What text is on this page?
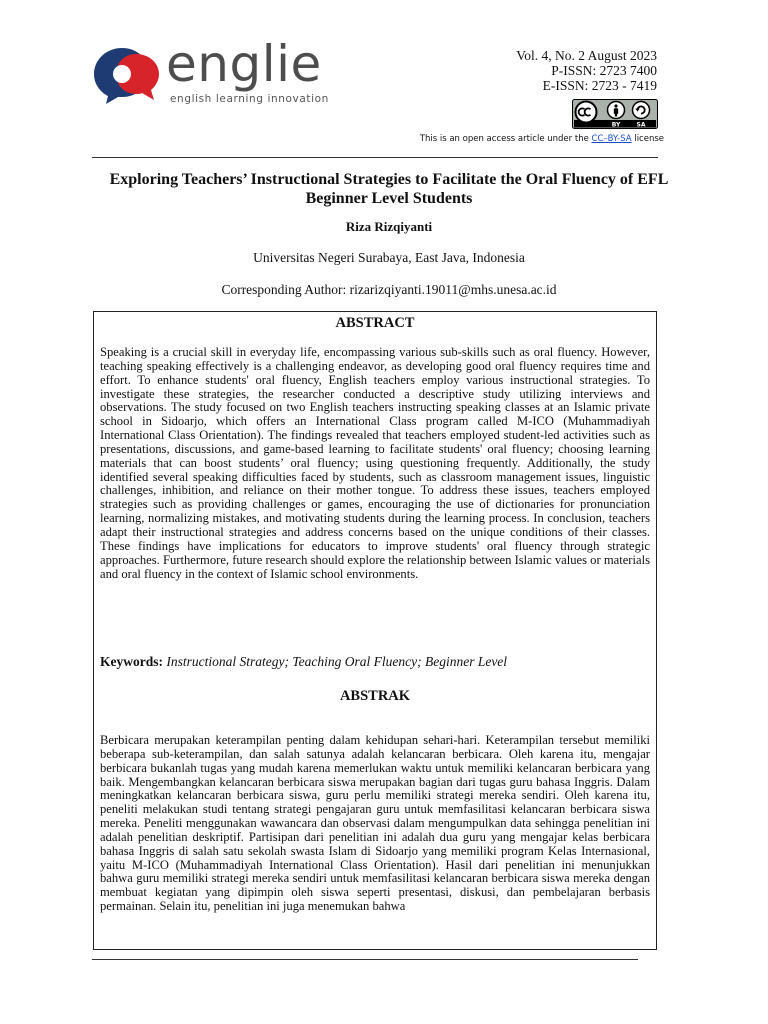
englie
english learning innovation
Vol. 4, No. 2 August 2023
P-ISSN: 2723 7400
E-ISSN: 2723 - 7419
BY	SA
This is an open access article under the CC–BY-SA license
Exploring Teachers’ Instructional Strategies to Facilitate the Oral Fluency of EFL Beginner Level Students
Riza Rizqiyanti
Universitas Negeri Surabaya, East Java, Indonesia
Corresponding Author: rizarizqiyanti.19011@mhs.unesa.ac.id
ABSTRACT

Speaking is a crucial skill in everyday life, encompassing various sub-skills such as oral fluency. However, teaching speaking effectively is a challenging endeavor, as developing good oral fluency requires time and effort. To enhance students' oral fluency, English teachers employ various instructional strategies. To investigate these strategies, the researcher conducted a descriptive study utilizing interviews and observations. The study focused on two English teachers instructing speaking classes at an Islamic private school in Sidoarjo, which offers an International Class program called M-ICO (Muhammadiyah International Class Orientation). The findings revealed that teachers employed student-led activities such as presentations, discussions, and game-based learning to facilitate students' oral fluency; choosing learning materials that can boost students’ oral fluency; using questioning frequently. Additionally, the study identified several speaking difficulties faced by students, such as classroom management issues, linguistic challenges, inhibition, and reliance on their mother tongue. To address these issues, teachers employed strategies such as providing challenges or games, encouraging the use of dictionaries for pronunciation learning, normalizing mistakes, and motivating students during the learning process. In conclusion, teachers adapt their instructional strategies and address concerns based on the unique conditions of their classes. These findings have implications for educators to improve students' oral fluency through strategic approaches. Furthermore, future research should explore the relationship between Islamic values or materials and oral fluency in the context of Islamic school environments.

Keywords: Instructional Strategy; Teaching Oral Fluency; Beginner Level
ABSTRAK

Berbicara merupakan keterampilan penting dalam kehidupan sehari-hari. Keterampilan tersebut memiliki beberapa sub-keterampilan, dan salah satunya adalah kelancaran berbicara. Oleh karena itu, mengajar berbicara bukanlah tugas yang mudah karena memerlukan waktu untuk memiliki kelancaran berbicara yang baik. Mengembangkan kelancaran berbicara siswa merupakan bagian dari tugas guru bahasa Inggris. Dalam meningkatkan kelancaran berbicara siswa, guru perlu memiliki strategi mereka sendiri. Oleh karena itu, peneliti melakukan studi tentang strategi pengajaran guru untuk memfasilitasi kelancaran berbicara siswa mereka. Peneliti menggunakan wawancara dan observasi dalam mengumpulkan data sehingga penelitian ini adalah penelitian deskriptif. Partisipan dari penelitian ini adalah dua guru yang mengajar kelas berbicara bahasa Inggris di salah satu sekolah swasta Islam di Sidoarjo yang memiliki program Kelas Internasional, yaitu M-ICO (Muhammadiyah International Class Orientation). Hasil dari penelitian ini menunjukkan bahwa guru memiliki strategi mereka sendiri untuk memfasilitasi kelancaran berbicara siswa mereka dengan membuat kegiatan yang dipimpin oleh siswa seperti presentasi, diskusi, dan pembelajaran berbasis permainan. Selain itu, penelitian ini juga menemukan bahwa
